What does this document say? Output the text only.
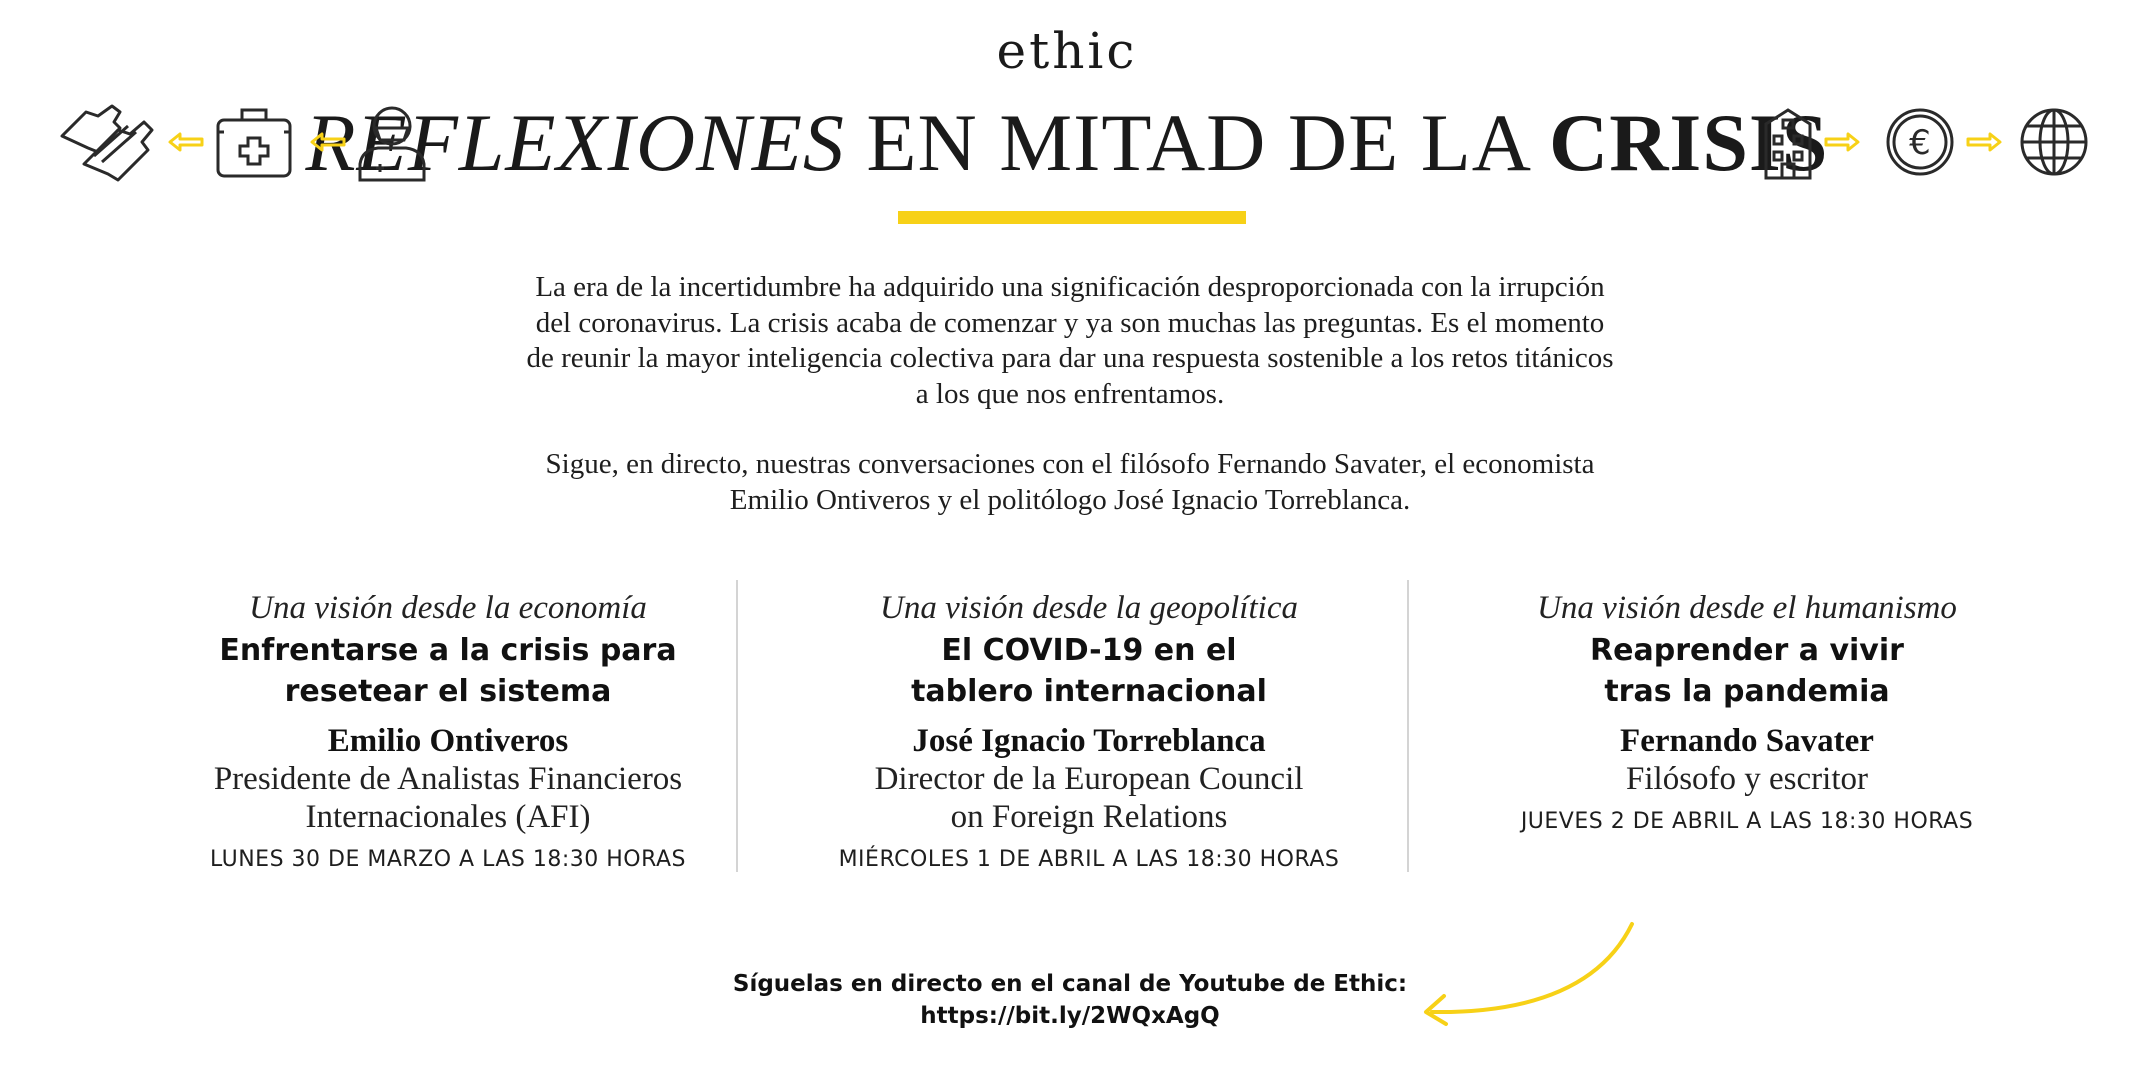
ethic
REFLEXIONES EN MITAD DE LA CRISIS	€

La era de la incertidumbre ha adquirido una significación desproporcionada con la irrupción del coronavirus. La crisis acaba de comenzar y ya son muchas las preguntas. Es el momento de reunir la mayor inteligencia colectiva para dar una respuesta sostenible a los retos titánicos a los que nos enfrentamos.

Sigue, en directo, nuestras conversaciones con el filósofo Fernando Savater, el economista Emilio Ontiveros y el politólogo José Ignacio Torreblanca.

Una visión desde la economía
Enfrentarse a la crisis para
resetear el sistema
Emilio Ontiveros
Presidente de Analistas Financieros
Internacionales (AFI)
LUNES 30 DE MARZO A LAS 18:30 HORAS
Una visión desde la geopolítica
El COVID-19 en el
tablero internacional
José Ignacio Torreblanca
Director de la European Council
on Foreign Relations
MIÉRCOLES 1 DE ABRIL A LAS 18:30 HORAS
Una visión desde el humanismo
Reaprender a vivir
tras la pandemia
Fernando Savater
Filósofo y escritor
JUEVES 2 DE ABRIL A LAS 18:30 HORAS
Síguelas en directo en el canal de Youtube de Ethic:
https://bit.ly/2WQxAgQ
